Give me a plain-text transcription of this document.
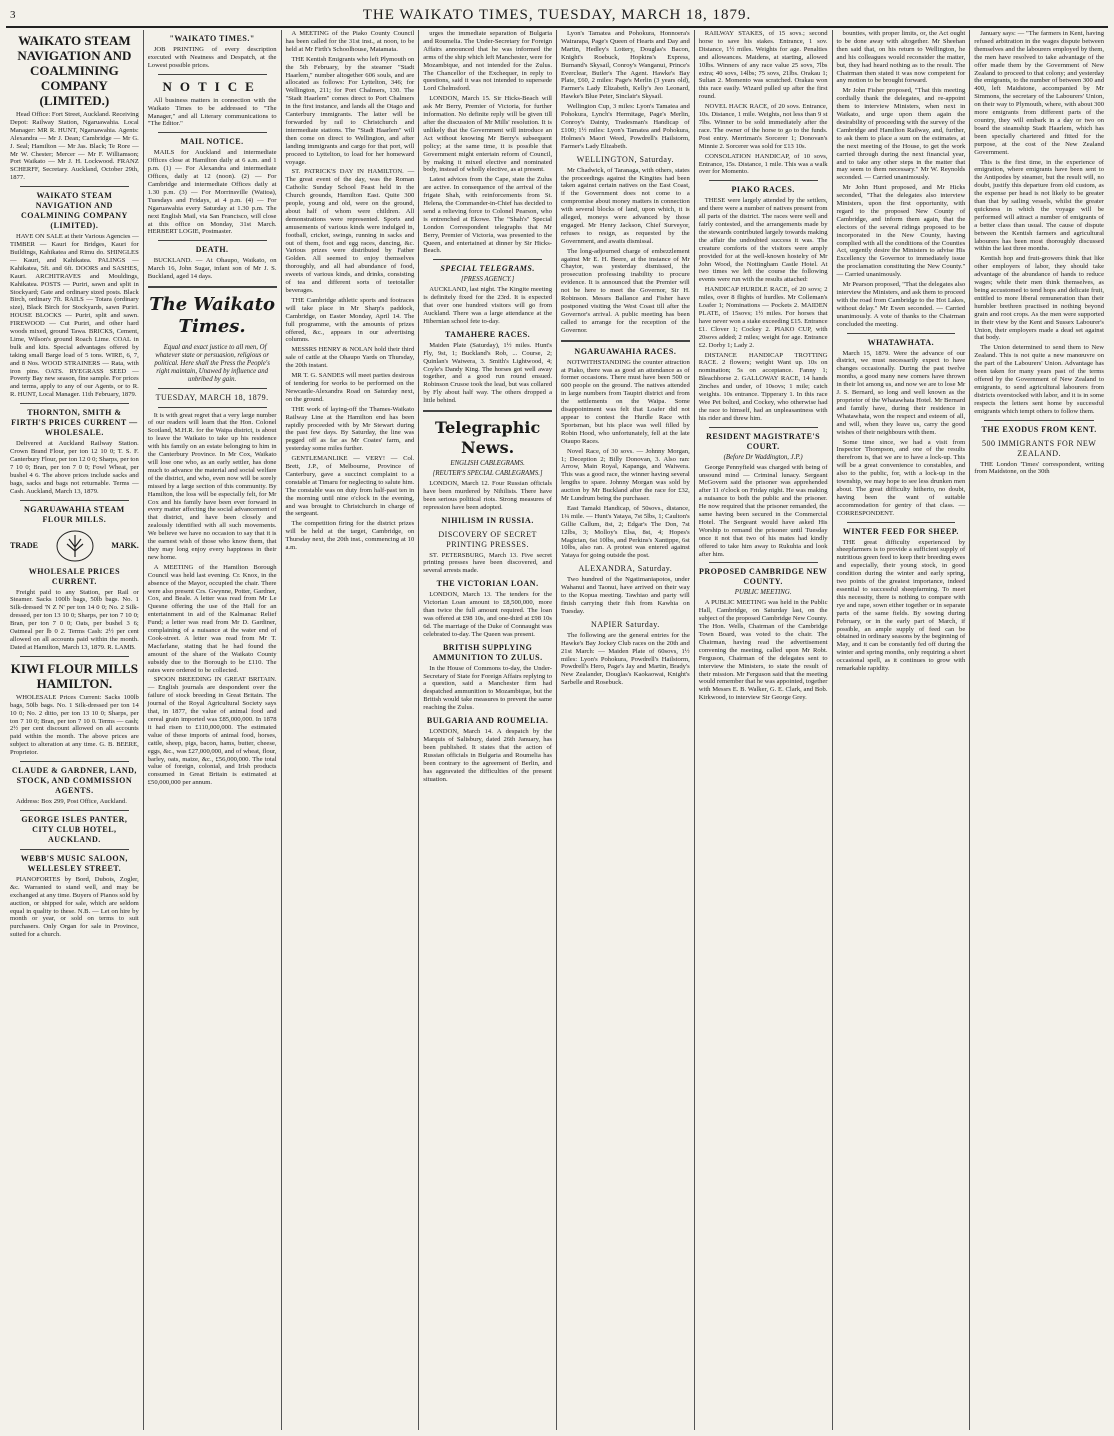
3	THE WAIKATO TIMES, TUESDAY, MARCH 18, 1879.
WAIKATO STEAM NAVIGATION AND COALMINING COMPANY (LIMITED.)

Head Office: Fort Street, Auckland. Receiving Depot: Railway Station, Ngaruawahia. Local Manager: MR R. HUNT, Ngaruawahia. Agents: Alexandra — Mr J. Dean; Cambridge — Mr G. J. Seal; Hamilton — Mr Jas. Black; Te Rore — Mr W. Chester; Mercer — Mr F. Williamson; Port Waikato — Mr J. H. Lockwood. FRANZ SCHERFF, Secretary. Auckland, October 29th, 1877.

WAIKATO STEAM NAVIGATION AND COALMINING COMPANY (LIMITED).

HAVE ON SALE at their Various Agencies — TIMBER — Kauri for Bridges, Kauri for Buildings, Kahikatea and Rimu do. SHINGLES — Kauri, and Kahikatea. PALINGS — Kahikatea, 5ft. and 6ft. DOORS and SASHES, Kauri. ARCHITRAVES and Mouldings, Kahikatea. POSTS — Puriri, sawn and split in Stockyard; Gate and ordinary sized posts. Black Birch, ordinary 7ft. RAILS — Totara (ordinary size), Black Birch for Stockyards, sawn Puriri. HOUSE BLOCKS — Puriri, split and sawn. FIREWOOD — Cut Puriri, and other hard woods mixed, ground Tawa. BRICKS, Cement, Lime, Wilson's ground Roach Lime. COAL in bulk and kits. Special advantages offered by taking small Barge load of 5 tons. WIRE, 6, 7, and 8 Nos. WOOD STRAINERS — Rata, with iron pins. OATS. RYEGRASS SEED — Poverty Bay new season, fine sample. For prices and terms, apply to any of our Agents, or to R. R. HUNT, Local Manager. 11th February, 1879.

THORNTON, SMITH & FIRTH'S PRICES CURRENT — WHOLESALE.

Delivered at Auckland Railway Station. Crown Brand Flour, per ton 12 10 0; T. S. F. Canterbury Flour, per ton 12 0 0; Sharps, per ton 7 10 0; Bran, per ton 7 0 0; Fowl Wheat, per bushel 4 6. The above prices include sacks and bags, sacks and bags not returnable. Terms — Cash. Auckland, March 13, 1879.

NGARUAWAHIA STEAM FLOUR MILLS.
TRADE	MARK.
WHOLESALE PRICES CURRENT.

Freight paid to any Station, per Rail or Steamer. Sacks 100lb bags, 50lb bags. No. 1 Silk-dressed 'N Z N' per ton 14 0 0; No. 2 Silk-dressed, per ton 13 10 0; Sharps, per ton 7 10 0; Bran, per ton 7 0 0; Oats, per bushel 3 6; Oatmeal per lb 0 2. Terms Cash: 2½ per cent allowed on all accounts paid within the month. Dated at Hamilton, March 13, 1879. R. LAMB.

KIWI FLOUR MILLS HAMILTON.

WHOLESALE Prices Current: Sacks 100lb bags, 50lb bags. No. 1 Silk-dressed per ton 14 10 0; No. 2 ditto, per ton 13 10 0; Sharps, per ton 7 10 0; Bran, per ton 7 10 0. Terms — cash; 2½ per cent discount allowed on all accounts paid within the month. The above prices are subject to alteration at any time. G. B. BEERE, Proprietor.

CLAUDE & GARDNER, LAND, STOCK, AND COMMISSION AGENTS.

Address: Box 299, Post Office, Auckland.

GEORGE ISLES PANTER, CITY CLUB HOTEL, AUCKLAND.
WEBB'S MUSIC SALOON, WELLESLEY STREET.

PIANOFORTES by Bord, Dubois, Zogler, &c. Warranted to stand well, and may be exchanged at any time. Buyers of Pianos sold by auction, or shipped for sale, which are seldom equal in quality to these. N.B. — Let on hire by month or year, or sold on terms to suit purchasers. Only Organ for sale in Province, suited for a church.

"WAIKATO TIMES."

JOB PRINTING of every description executed with Neatness and Despatch, at the Lowest possible prices.

NOTICE

All business matters in connection with the Waikato Times to be addressed to "The Manager," and all Literary communications to "The Editor."

MAIL NOTICE.

MAILS for Auckland and intermediate Offices close at Hamilton daily at 6 a.m. and 1 p.m. (1) — For Alexandra and intermediate Offices, daily at 12 (noon). (2) — For Cambridge and intermediate Offices daily at 1.30 p.m. (3) — For Morrinsville (Waitoa), Tuesdays and Fridays, at 4 p.m. (4) — For Ngaruawahia every Saturday at 1.30 p.m. The next English Mail, via San Francisco, will close at this office on Monday, 31st March. HERBERT LOGIE, Postmaster.

DEATH.

BUCKLAND. — At Ohaupo, Waikato, on March 16, John Sugar, infant son of Mr J. S. Buckland, aged 14 days.

The Waikato Times.

Equal and exact justice to all men, Of whatever state or persuasion, religious or political. Here shall the Press the People's right maintain, Unawed by influence and unbribed by gain.

TUESDAY, MARCH 18, 1879.

It is with great regret that a very large number of our readers will learn that the Hon. Colonel Scotland, M.H.R. for the Waipa district, is about to leave the Waikato to take up his residence with his family on an estate belonging to him in the Canterbury Province. In Mr Cox, Waikato will lose one who, as an early settler, has done much to advance the material and social welfare of the district, and who, even now will be sorely missed by a large section of this community. By Hamilton, the loss will be especially felt, for Mr Cox and his family have been ever forward in every matter affecting the social advancement of that district, and have been closely and zealously identified with all such movements. We believe we have no occasion to say that it is the earnest wish of those who know them, that they may long enjoy every happiness in their new home.

A MEETING of the Hamilton Borough Council was held last evening. Cr. Knox, in the absence of the Mayor, occupied the chair. There were also present Crs. Gwynne, Potter, Gardner, Cox, and Beale. A letter was read from Mr Le Quesne offering the use of the Hall for an entertainment in aid of the Kalmanac Relief Fund; a letter was read from Mr D. Gardiner, complaining of a nuisance at the water end of Cook-street. A letter was read from Mr T. Macfarlane, stating that he had found the amount of the share of the Waikato County subsidy due to the Borough to be £110. The rates were ordered to be collected.

SPOON BREEDING IN GREAT BRITAIN. — English journals are despondent over the failure of stock breeding in Great Britain. The journal of the Royal Agricultural Society says that, in 1877, the value of animal food and cereal grain imported was £85,000,000. In 1878 it had risen to £110,000,000. The estimated value of these imports of animal food, horses, cattle, sheep, pigs, bacon, hams, butter, cheese, eggs, &c., was £27,000,000, and of wheat, flour, barley, oats, maize, &c., £56,000,000. The total value of foreign, colonial, and Irish products consumed in Great Britain is estimated at £50,000,000 per annum.

A MEETING of the Piako County Council has been called for the 31st inst., at noon, to be held at Mr Firth's Schoolhouse, Matamata.

THE Kentish Emigrants who left Plymouth on the 5th February, by the steamer "Stadt Haarlem," number altogether 606 souls, and are allocated as follows: For Lyttelton, 346; for Wellington, 211; for Port Chalmers, 130. The "Stadt Haarlem" comes direct to Port Chalmers in the first instance, and lands all the Otago and Canterbury immigrants. The latter will be forwarded by rail to Christchurch and intermediate stations. The "Stadt Haarlem" will then come on direct to Wellington, and after landing immigrants and cargo for that port, will proceed to Lyttelton, to load for her homeward voyage.

ST. PATRICK'S DAY IN HAMILTON. — The great event of the day, was the Roman Catholic Sunday School Feast held in the Church grounds, Hamilton East. Quite 300 people, young and old, were on the ground, about half of whom were children. All demonstrations were represented. Sports and amusements of various kinds were indulged in, football, cricket, swings, running in sacks and out of them, foot and egg races, dancing, &c. Various prizes were distributed by Father Golden. All seemed to enjoy themselves thoroughly, and all had abundance of food, sweets of various kinds, and drinks, consisting of tea and different sorts of teetotaller beverages.

THE Cambridge athletic sports and footraces will take place in Mr Sharp's paddock, Cambridge, on Easter Monday, April 14. The full programme, with the amounts of prizes offered, &c., appears in our advertising columns.

MESSRS HENRY & NOLAN hold their third sale of cattle at the Ohaupo Yards on Thursday, the 20th instant.

MR T. G. SANDES will meet parties desirous of tendering for works to be performed on the Newcastle-Alexandra Road on Saturday next, on the ground.

THE work of laying-off the Thames-Waikato Railway Line at the Hamilton end has been rapidly proceeded with by Mr Stewart during the past few days. By Saturday, the line was pegged off as far as Mr Coates' farm, and yesterday some miles further.

GENTLEMANLIKE — VERY! — Col. Brett, J.P., of Melbourne, Province of Canterbury, gave a succinct complaint to a constable at Timaru for neglecting to salute him. The constable was on duty from half-past ten in the morning until nine o'clock in the evening, and was brought to Christchurch in charge of the sergeant.

The competition firing for the district prizes will be held at the target, Cambridge, on Thursday next, the 20th inst., commencing at 10 a.m.

urges the immediate separation of Bulgaria and Roumelia. The Under-Secretary for Foreign Affairs announced that he was informed the arms of the ship which left Manchester, were for Mozambique, and not intended for the Zulus. The Chancellor of the Exchequer, in reply to questions, said it was not intended to supersede Lord Chelmsford.

LONDON, March 15. Sir Hicks-Beach will ask Mr Berry, Premier of Victoria, for further information. No definite reply will be given till after the discussion of Mr Mills' resolution. It is unlikely that the Government will introduce an Act without knowing Mr Berry's subsequent policy; at the same time, it is possible that Government might entertain reform of Council, by making it mixed elective and nominated body, instead of wholly elective, as at present.

Latest advices from the Cape, state the Zulus are active. In consequence of the arrival of the frigate Shah, with reinforcements from St. Helena, the Commander-in-Chief has decided to send a relieving force to Colonel Pearson, who is entrenched at Ekowe. The "Shah's" Special London Correspondent telegraphs that Mr Berry, Premier of Victoria, was presented to the Queen, and entertained at dinner by Sir Hicks-Beach.

SPECIAL TELEGRAMS.
[PRESS AGENCY.]

AUCKLAND, last night. The Kingite meeting is definitely fixed for the 23rd. It is expected that over one hundred visitors will go from Auckland. There was a large attendance at the Hibernian school fete to-day.

TAMAHERE RACES.

Maiden Plate (Saturday), 1½ miles. Hunt's Fly, 9st, 1; Buckland's Rob, ... Course, 2; Quinlan's Waiwera, 3. Smith's Lightwood, 4; Coyle's Dandy King. The horses got well away together, and a good run round ensued. Robinson Crusoe took the lead, but was collared by Fly about half way. The others dropped a little behind.

Telegraphic News.
ENGLISH CABLEGRAMS.
[REUTER'S SPECIAL CABLEGRAMS.]

LONDON, March 12. Four Russian officials have been murdered by Nihilists. There have been serious political riots. Strong measures of repression have been adopted.

NIHILISM IN RUSSIA.
DISCOVERY OF SECRET PRINTING PRESSES.

ST. PETERSBURG, March 13. Five secret printing presses have been discovered, and several arrests made.

THE VICTORIAN LOAN.

LONDON, March 13. The tenders for the Victorian Loan amount to £8,500,000, more than twice the full amount required. The loan was offered at £98 10s, and one-third at £98 10s 6d. The marriage of the Duke of Connaught was celebrated to-day. The Queen was present.

BRITISH SUPPLYING AMMUNITION TO ZULUS.

In the House of Commons to-day, the Under-Secretary of State for Foreign Affairs replying to a question, said a Manchester firm had despatched ammunition to Mozambique, but the British would take measures to prevent the same reaching the Zulus.

BULGARIA AND ROUMELIA.

LONDON, March 14. A despatch by the Marquis of Salisbury, dated 26th January, has been published. It states that the action of Russian officials in Bulgaria and Roumelia has been contrary to the agreement of Berlin, and has aggravated the difficulties of the present situation.

Lyon's Tamatea and Pohokura, Honnoera's Wairarapa, Page's Queen of Hearts and Day and Martin, Hedley's Lottery, Douglas's Bacon, Knight's Roebuck, Hopkins's Express, Burnand's Skysail, Conroy's Wanganui, Prince's Everclear, Butler's The Agent. Hawke's Bay Plate, £60, 2 miles: Page's Merlin (3 years old), Farmer's Lady Elizabeth, Kelly's Jeo Leonard, Hawke's Blue Peter, Sinclair's Skysail.

Wellington Cup, 3 miles: Lyon's Tamatea and Pohokura, Lynch's Hermitage, Page's Merlin, Conroy's Dainty, Tradesman's Handicap of £100; 1½ miles: Lyon's Tamatea and Pohokura, Holmes's Maori Weed, Powdrell's Hailstorm, Farmer's Lady Elizabeth.

WELLINGTON, Saturday.

Mr Chadwick, of Taranaga, with others, states the proceedings against the Kingites had been taken against certain natives on the East Coast, if the Government does not come to a compromise about money matters in connection with several blocks of land, upon which, it is alleged, moneys were advanced by those engaged. Mr Henry Jackson, Chief Surveyor, refuses to resign, as requested by the Government, and awaits dismissal.

The long-adjourned charge of embezzlement against Mr E. H. Beere, at the instance of Mr Chaytor, was yesterday dismissed, the prosecution professing inability to procure evidence. It is announced that the Premier will not be here to meet the Governor, Sir H. Robinson. Messrs Ballance and Fisher have postponed visiting the West Coast till after the Governor's arrival. A public meeting has been called to arrange for the reception of the Governor.

NGARUAWAHIA RACES.

NOTWITHSTANDING the counter attraction at Piako, there was as good an attendance as of former occasions. There must have been 500 or 600 people on the ground. The natives attended in large numbers from Taupiri district and from the settlements on the Waipa. Some disappointment was felt that Loafer did not appear to contest the Hurdle Race with Sportsman, but his place was well filled by Robin Hood, who unfortunately, fell at the late Otaupo Races.

Novel Race, of 30 sovs. — Johnny Morgan, 1; Deception 2; Billy Donovan, 3. Also ran: Arrow, Main Royal, Kapanga, and Waiwera. This was a good race, the winner having several lengths to spare. Johnny Morgan was sold by auction by Mr Buckland after the race for £32, Mr Lundrum being the purchaser.

East Tamaki Handicap, of 50sovs., distance, 1¼ mile. — Hunt's Yataya, 7st 5lbs, 1; Caulton's Gillie Callum, 8st, 2; Edgar's The Don, 7st 12lbs, 3; Molloy's Elsa, 8st, 4; Hopes's Magician, 6st 10lbs, and Perkins's Xantippe, 6st 10lbs, also ran. A protest was entered against Yataya for going outside the post.

ALEXANDRA, Saturday.

Two hundred of the Ngatimaniapotos, under Wahanui and Taonui, have arrived on their way to the Kopua meeting. Tawhiao and party will finish carrying their fish from Kawhia on Tuesday.

NAPIER Saturday.

The following are the general entries for the Hawke's Bay Jockey Club races on the 20th and 21st March: — Maiden Plate of 60sovs, 1½ miles: Lyon's Pohokura, Powdrell's Hailstorm, Powdrell's Hero, Page's Jay and Martin, Brady's New Zealander, Douglas's Kaokaowai, Knight's Sarbelle and Rosebuck.

RAILWAY STAKES, of 15 sovs.; second horse to save his stakes. Entrance, 1 sov. Distance, 1½ miles. Weights for age. Penalties and allowances. Maidens, at starting, allowed 10lbs. Winners of any race value 25 sovs, 7lbs extra; 40 sovs, 14lbs; 75 sovs, 21lbs. Orakau 1; Sultan 2. Momento was scratched. Orakau won this race easily. Wizard pulled up after the first round.

NOVEL HACK RACE, of 20 sovs. Entrance, 10s. Distance, 1 mile. Weights, not less than 9 st 7lbs. Winner to be sold immediately after the race. The owner of the horse to go to the funds. Post entry. Merriman's Sorcerer 1; Donovan's Minnie 2. Sorcerer was sold for £13 10s.

CONSOLATION HANDICAP, of 10 sovs, Entrance, 15s. Distance, 1 mile. This was a walk over for Momento.

PIAKO RACES.

THESE were largely attended by the settlers, and there were a number of natives present from all parts of the district. The races were well and fairly contested, and the arrangements made by the stewards contributed largely towards making the affair the undoubted success it was. The creature comforts of the visitors were amply provided for at the well-known hostelry of Mr John Wood, the Nottingham Castle Hotel. At two times we left the course the following events were run with the results attached:

HANDICAP HURDLE RACE, of 20 sovs; 2 miles, over 8 flights of hurdles. Mr Colleman's Loafer 1; Nominations — Pockets 2. MAIDEN PLATE, of 15sovs; 1½ miles. For horses that have never won a stake exceeding £15. Entrance £1. Clover 1; Cockey 2. PIAKO CUP, with 20sovs added; 2 miles; weight for age. Entrance £2. Dorby 1; Lady 2.

DISTANCE HANDICAP TROTTING RACE. 2 flowers; weight Want up. 10s on nomination; 5s on acceptance. Fanny 1; Bleachhorse 2. GALLOWAY RACE, 14 hands 2inches and under, of 10sovs; 1 mile; catch weights. 10s entrance. Tipperary 1. In this race Wee Pet bolted, and Cockey, who otherwise had the race to himself, had an unpleasantness with his rider and threw him.

RESIDENT MAGISTRATE'S COURT.
(Before Dr Waddington, J.P.)

George Pennyfield was charged with being of unsound mind — Criminal lunacy. Sergeant McGovern said the prisoner was apprehended after 11 o'clock on Friday night. He was making a nuisance to both the public and the prisoner. He now required that the prisoner remanded, the same having been secured in the Commercial Hotel. The Sergeant would have asked His Worship to remand the prisoner until Tuesday once it not that two of his mates had kindly offered to take him away to Rukuhia and look after him.

PROPOSED CAMBRIDGE NEW COUNTY.
PUBLIC MEETING.

A PUBLIC MEETING was held in the Public Hall, Cambridge, on Saturday last, on the subject of the proposed Cambridge New County. The Hon. Wells, Chairman of the Cambridge Town Board, was voted to the chair. The Chairman, having read the advertisement convening the meeting, called upon Mr Robt. Ferguson, Chairman of the delegates sent to interview the Ministers, to state the result of their mission. Mr Ferguson said that the meeting would remember that he was appointed, together with Messrs E. B. Walker, G. E. Clark, and Bob. Kirkwood, to interview Sir George Grey.

bounties, with proper limits, or, the Act ought to be done away with altogether. Mr Sheehan then said that, on his return to Wellington, he and his colleagues would reconsider the matter, but, they had heard nothing as to the result. The Chairman then stated it was now competent for any motion to be brought forward.

Mr John Fisher proposed, "That this meeting cordially thank the delegates, and re-appoint them to interview Ministers, when next in Waikato, and urge upon them again the desirability of proceeding with the survey of the Cambridge and Hamilton Railway, and, further, to ask them to place a sum on the estimates, at the next meeting of the House, to get the work carried through during the next financial year, and to take any other steps in the matter that may seem to them necessary." Mr W. Reynolds seconded. — Carried unanimously.

Mr John Hunt proposed, and Mr Hicks seconded, "That the delegates also interview Ministers, upon the first opportunity, with regard to the proposed New County of Cambridge, and inform them again, that the electors of the several ridings proposed to be incorporated in the New County, having complied with all the conditions of the Counties Act, urgently desire the Ministers to advise His Excellency the Governor to immediately issue the proclamation constituting the New County." — Carried unanimously.

Mr Pearson proposed, "That the delegates also interview the Ministers, and ask them to proceed with the road from Cambridge to the Hot Lakes, without delay." Mr Ewen seconded. — Carried unanimously. A vote of thanks to the Chairman concluded the meeting.

WHATAWHATA.

March 15, 1879. Were the advance of our district, we must necessarily expect to have changes occasionally. During the past twelve months, a good many new comers have thrown in their lot among us, and now we are to lose Mr J. S. Bernard, so long and well known as the proprietor of the Whatawhata Hotel. Mr Bernard and family have, during their residence in Whatawhata, won the respect and esteem of all, and will, when they leave us, carry the good wishes of their neighbours with them.

Some time since, we had a visit from Inspector Thompson, and one of the results therefrom is, that we are to have a lock-up. This will be a great convenience to constables, and also to the public, for, with a lock-up in the township, we may hope to see less drunken men about. The great difficulty hitherto, no doubt, having been the want of suitable accommodation for gentry of that class. — CORRESPONDENT.

WINTER FEED FOR SHEEP.

THE great difficulty experienced by sheepfarmers is to provide a sufficient supply of nutritious green feed to keep their breeding ewes and especially, their young stock, in good condition during the winter and early spring, two points of the greatest importance, indeed essential to successful sheepfarming. To meet this necessity, there is nothing to compare with rye and rape, sown either together or in separate parts of the same fields. By sowing during February, or in the early part of March, if possible, an ample supply of feed can be obtained in ordinary seasons by the beginning of May, and it can be constantly fed off during the winter and spring months, only requiring a short occasional spell, as it continues to grow with remarkable rapidity.

January says: — "The farmers in Kent, having refused arbitration in the wages dispute between themselves and the labourers employed by them, the men have resolved to take advantage of the offer made them by the Government of New Zealand to proceed to that colony; and yesterday the emigrants, to the number of between 300 and 400, left Maidstone, accompanied by Mr Simmons, the secretary of the Labourers' Union, on their way to Plymouth, where, with about 300 more emigrants from different parts of the country, they will embark in a day or two on board the steamship Stadt Haarlem, which has been specially chartered and fitted for the purpose, at the cost of the New Zealand Government.

This is the first time, in the experience of emigration, where emigrants have been sent to the Antipodes by steamer, but the result will, no doubt, justify this departure from old custom, as the expense per head is not likely to be greater than that by sailing vessels, whilst the greater quickness in which the voyage will be performed will attract a number of emigrants of a better class than usual. The cause of dispute between the Kentish farmers and agricultural labourers has been most thoroughly discussed within the last three months.

Kentish hop and fruit-growers think that like other employers of labor, they should take advantage of the abundance of hands to reduce wages; while their men think themselves, as being accustomed to tend hops and delicate fruit, entitled to more liberal remuneration than their humbler brethren practised in nothing beyond grain and root crops. As the men were supported in their view by the Kent and Sussex Labourer's Union, their employers made a dead set against that body.

The Union determined to send them to New Zealand. This is not quite a new manœuvre on the part of the Labourers' Union. Advantage has been taken for many years past of the terms offered by the Government of New Zealand to emigrants, to send agricultural labourers from districts overstocked with labor, and it is in some respects the letters sent home by successful emigrants which tempt others to follow them.

THE EXODUS FROM KENT.
500 IMMIGRANTS FOR NEW ZEALAND.

THE London 'Times' correspondent, writing from Maidstone, on the 30th
